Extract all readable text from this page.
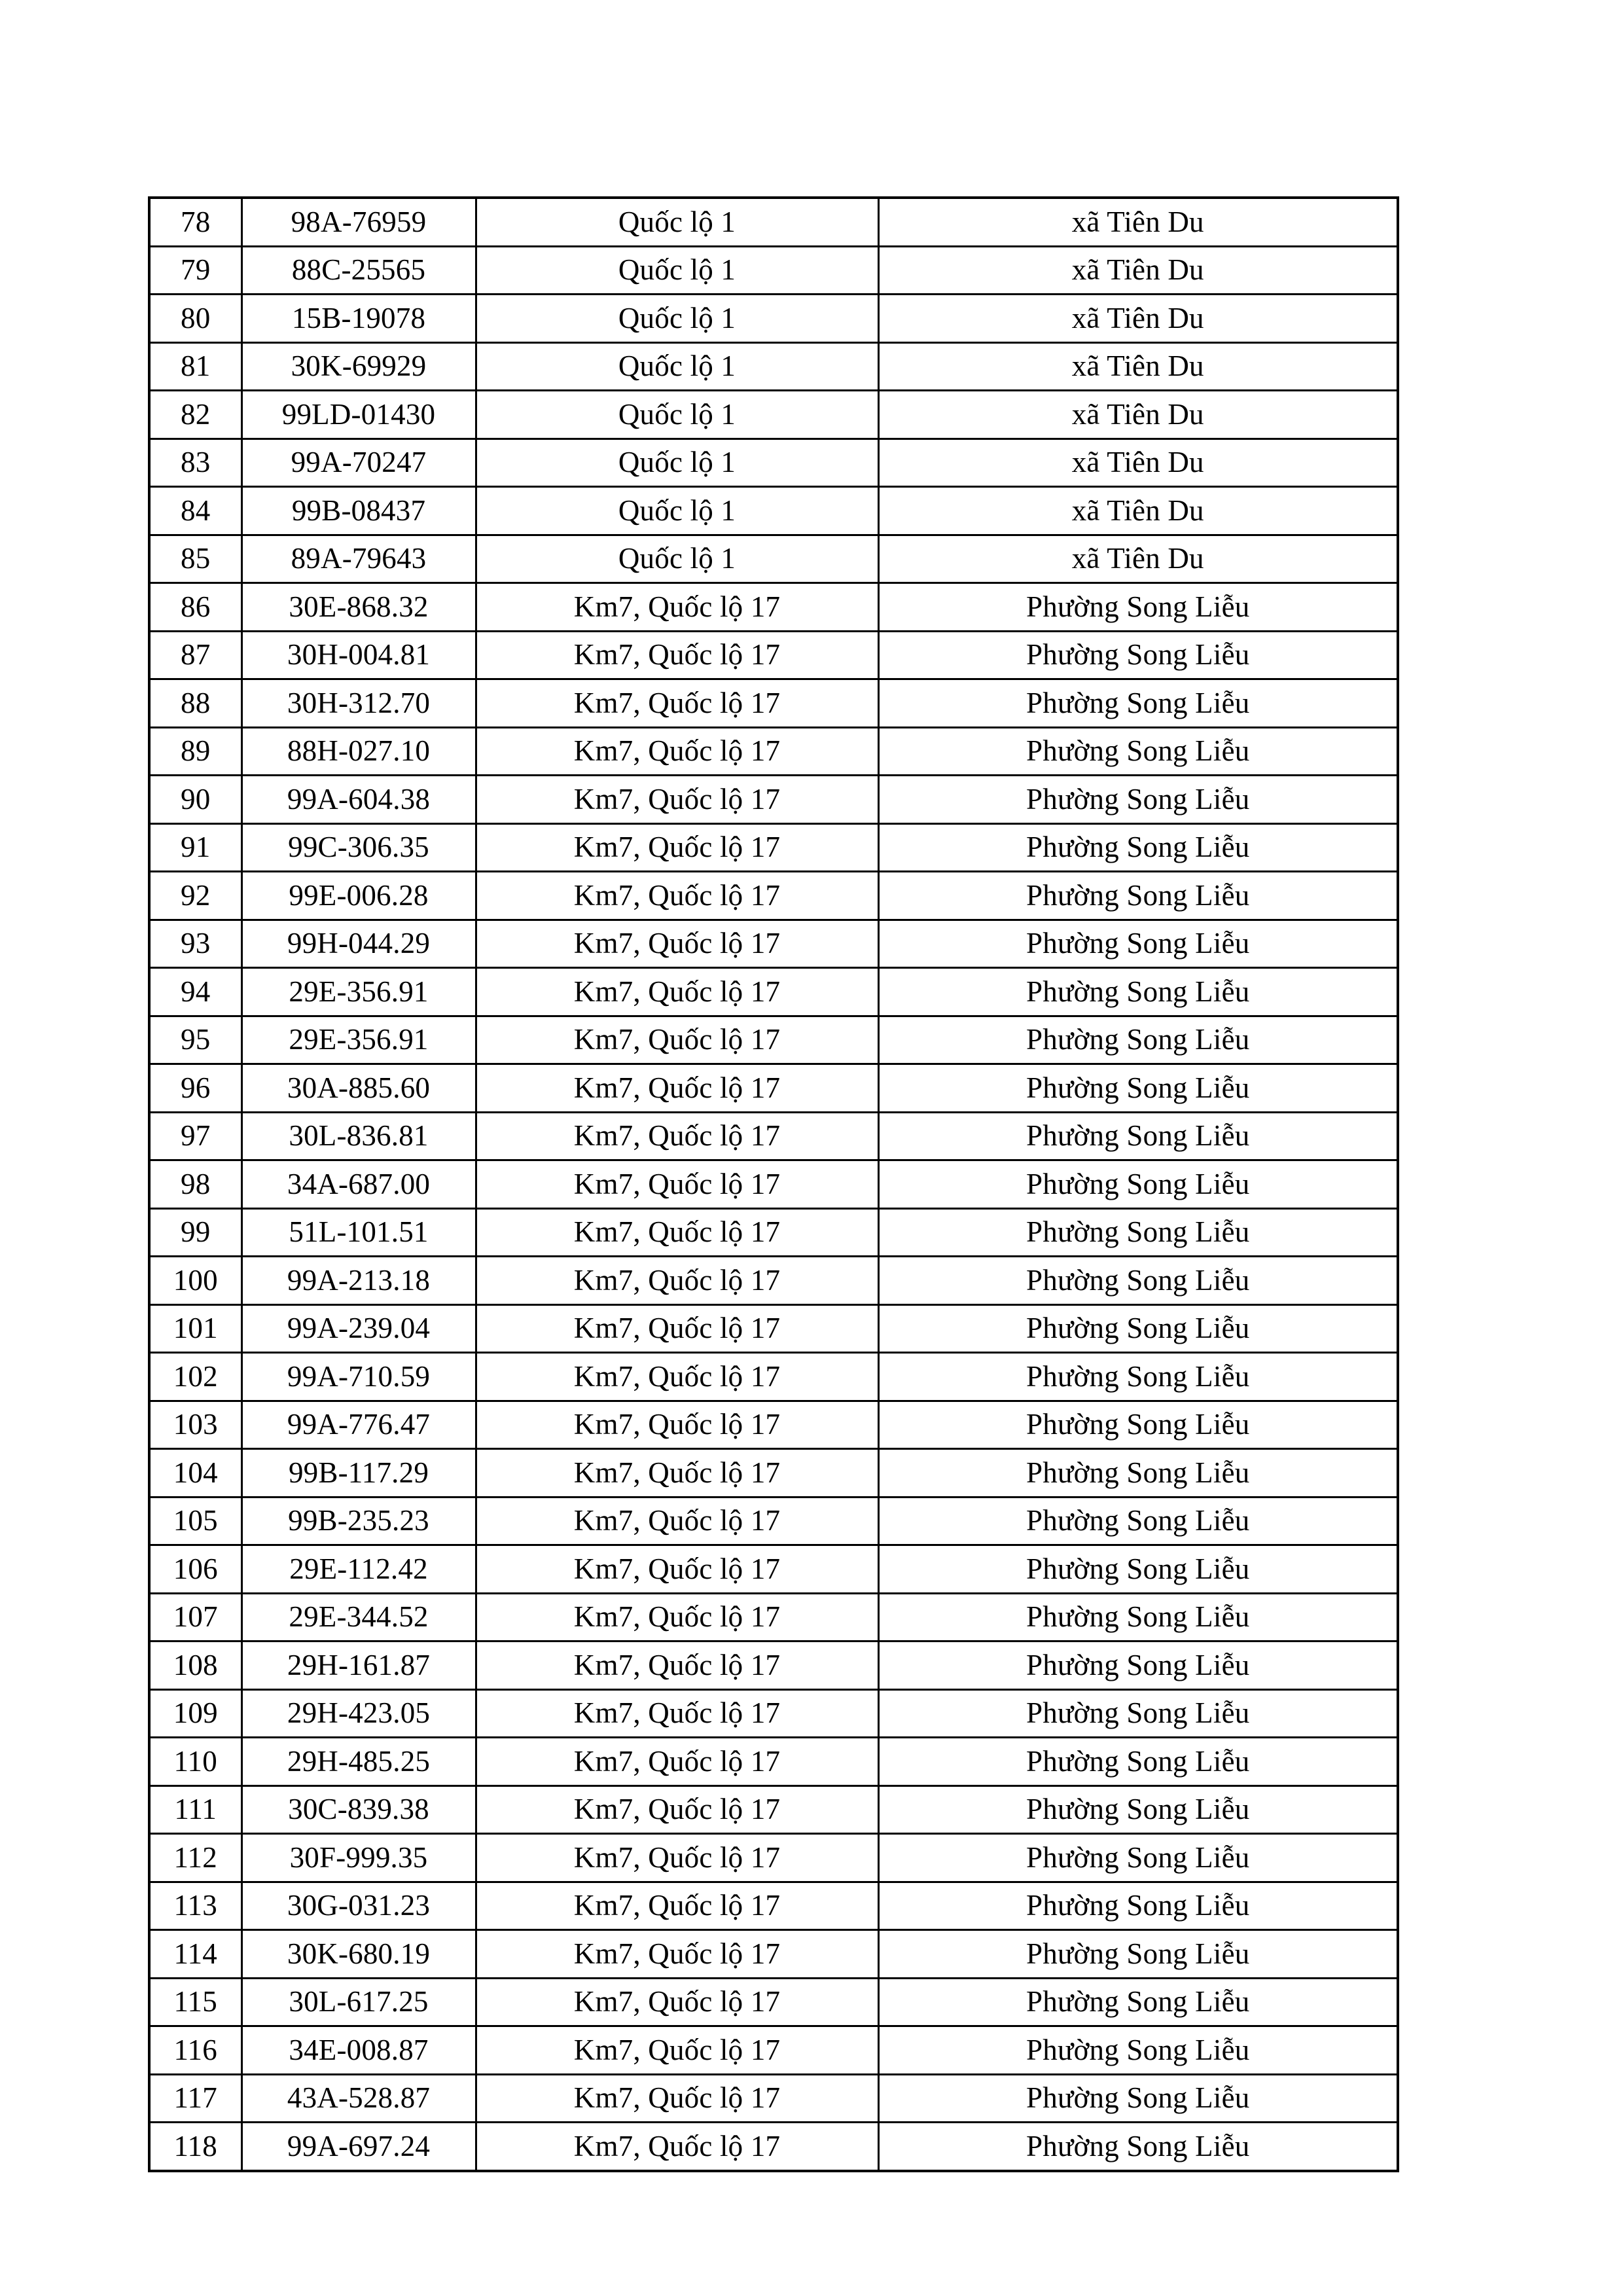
78	98A-76959	Quốc lộ 1	xã Tiên Du
79	88C-25565	Quốc lộ 1	xã Tiên Du
80	15B-19078	Quốc lộ 1	xã Tiên Du
81	30K-69929	Quốc lộ 1	xã Tiên Du
82	99LD-01430	Quốc lộ 1	xã Tiên Du
83	99A-70247	Quốc lộ 1	xã Tiên Du
84	99B-08437	Quốc lộ 1	xã Tiên Du
85	89A-79643	Quốc lộ 1	xã Tiên Du
86	30E-868.32	Km7, Quốc lộ 17	Phường Song Liễu
87	30H-004.81	Km7, Quốc lộ 17	Phường Song Liễu
88	30H-312.70	Km7, Quốc lộ 17	Phường Song Liễu
89	88H-027.10	Km7, Quốc lộ 17	Phường Song Liễu
90	99A-604.38	Km7, Quốc lộ 17	Phường Song Liễu
91	99C-306.35	Km7, Quốc lộ 17	Phường Song Liễu
92	99E-006.28	Km7, Quốc lộ 17	Phường Song Liễu
93	99H-044.29	Km7, Quốc lộ 17	Phường Song Liễu
94	29E-356.91	Km7, Quốc lộ 17	Phường Song Liễu
95	29E-356.91	Km7, Quốc lộ 17	Phường Song Liễu
96	30A-885.60	Km7, Quốc lộ 17	Phường Song Liễu
97	30L-836.81	Km7, Quốc lộ 17	Phường Song Liễu
98	34A-687.00	Km7, Quốc lộ 17	Phường Song Liễu
99	51L-101.51	Km7, Quốc lộ 17	Phường Song Liễu
100	99A-213.18	Km7, Quốc lộ 17	Phường Song Liễu
101	99A-239.04	Km7, Quốc lộ 17	Phường Song Liễu
102	99A-710.59	Km7, Quốc lộ 17	Phường Song Liễu
103	99A-776.47	Km7, Quốc lộ 17	Phường Song Liễu
104	99B-117.29	Km7, Quốc lộ 17	Phường Song Liễu
105	99B-235.23	Km7, Quốc lộ 17	Phường Song Liễu
106	29E-112.42	Km7, Quốc lộ 17	Phường Song Liễu
107	29E-344.52	Km7, Quốc lộ 17	Phường Song Liễu
108	29H-161.87	Km7, Quốc lộ 17	Phường Song Liễu
109	29H-423.05	Km7, Quốc lộ 17	Phường Song Liễu
110	29H-485.25	Km7, Quốc lộ 17	Phường Song Liễu
111	30C-839.38	Km7, Quốc lộ 17	Phường Song Liễu
112	30F-999.35	Km7, Quốc lộ 17	Phường Song Liễu
113	30G-031.23	Km7, Quốc lộ 17	Phường Song Liễu
114	30K-680.19	Km7, Quốc lộ 17	Phường Song Liễu
115	30L-617.25	Km7, Quốc lộ 17	Phường Song Liễu
116	34E-008.87	Km7, Quốc lộ 17	Phường Song Liễu
117	43A-528.87	Km7, Quốc lộ 17	Phường Song Liễu
118	99A-697.24	Km7, Quốc lộ 17	Phường Song Liễu
